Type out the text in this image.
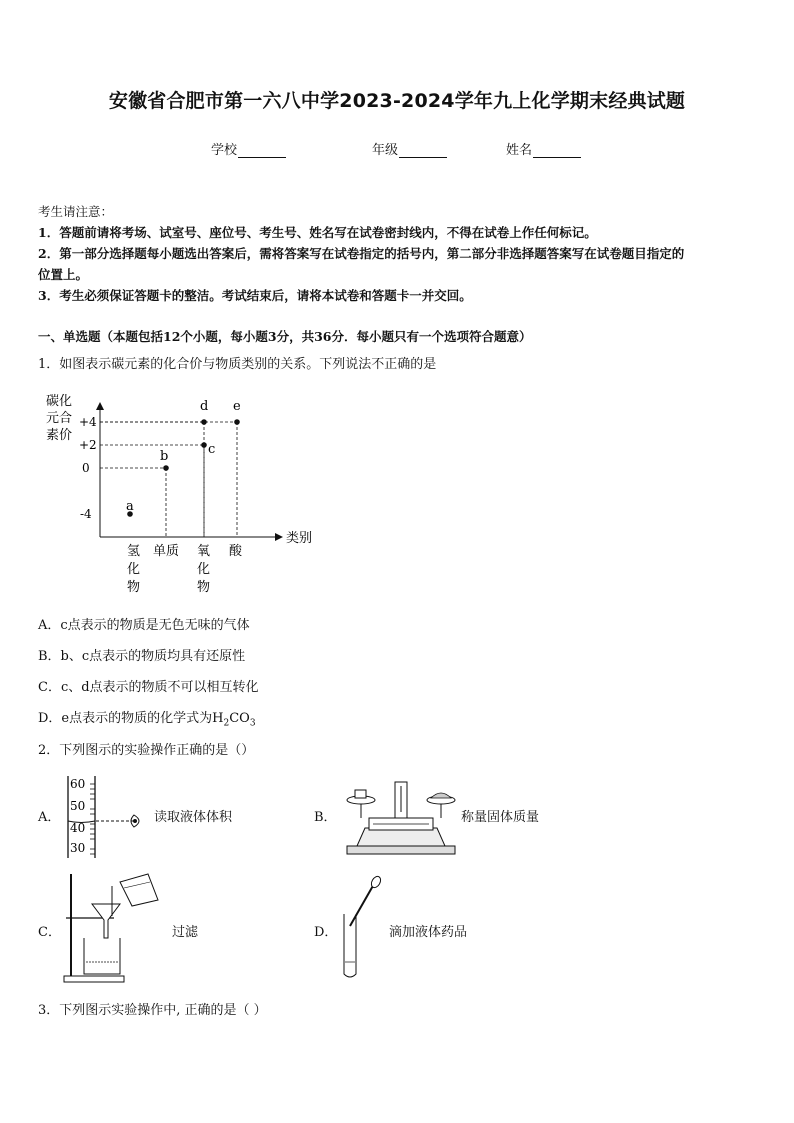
安徽省合肥市第一六八中学2023-2024学年九上化学期末经典试题
学校	年级	姓名
考生请注意：
1．答题前请将考场、试室号、座位号、考生号、姓名写在试卷密封线内，不得在试卷上作任何标记。
2．第一部分选择题每小题选出答案后，需将答案写在试卷指定的括号内，第二部分非选择题答案写在试卷题目指定的
位置上。
3．考生必须保证答题卡的整洁。考试结束后，请将本试卷和答题卡一并交回。
一、单选题（本题包括12个小题，每小题3分，共36分．每小题只有一个选项符合题意）
1．如图表示碳元素的化合价与物质类别的关系。下列说法不正确的是
碳化
元合
素价
类别
+4
+2
0
-4	a
b	c
d e
氢
化
物
单质 氧
化
物
酸
A．c点表示的物质是无色无味的气体
B．b、c点表示的物质均具有还原性
C．c、d点表示的物质不可以相互转化
D．e点表示的物质的化学式为$H_2CO_3$
2．下列图示的实验操作正确的是（）
A．
60
50
40
30
读取液体体积	B．	称量固体质量
C．	过滤	D．	滴加液体药品
3．下列图示实验操作中, 正确的是（ ）
